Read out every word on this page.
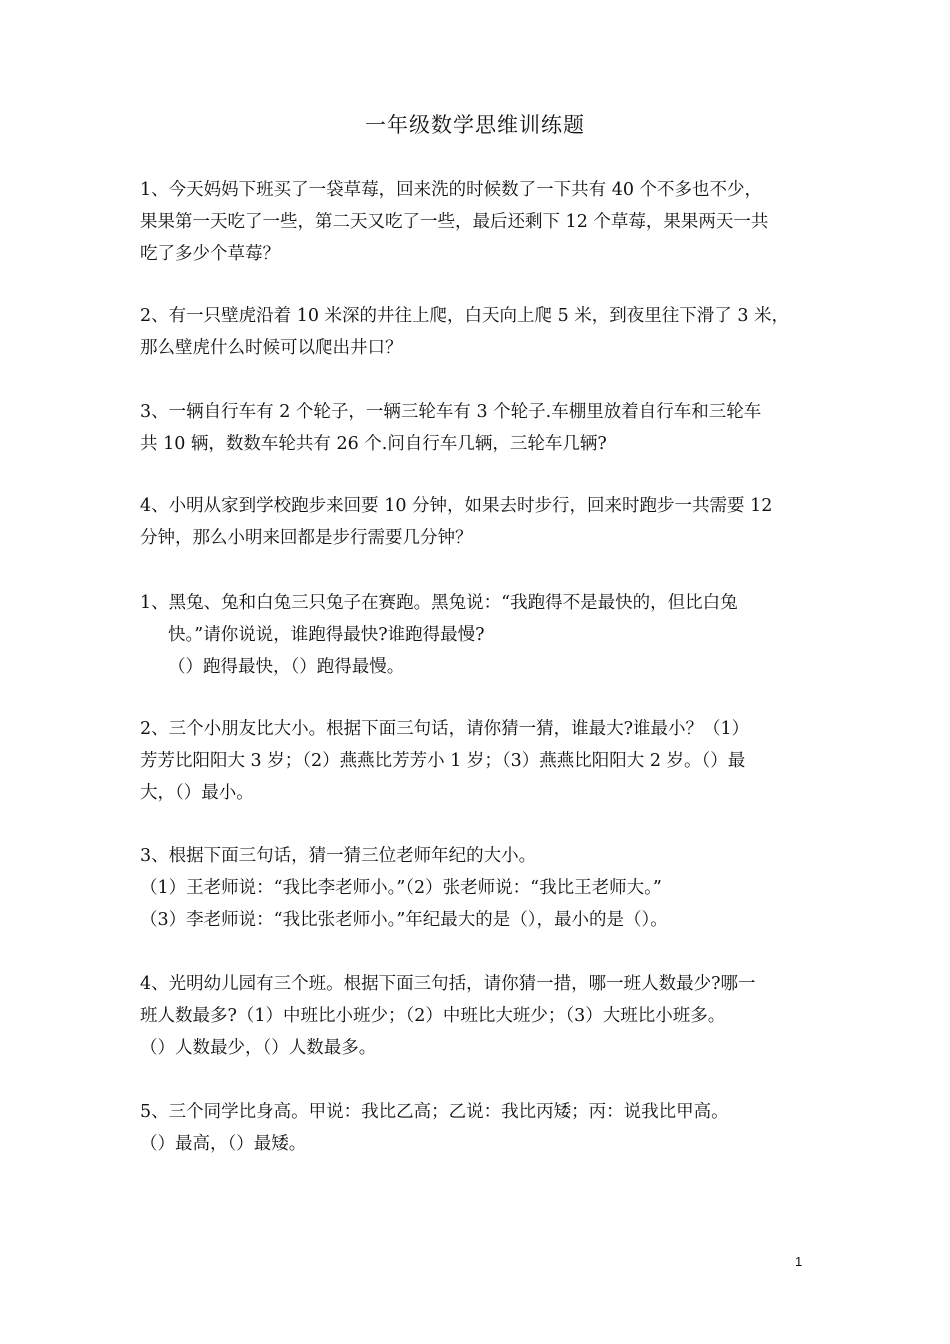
一年级数学思维训练题
1、今天妈妈下班买了一袋草莓，回来洗的时候数了一下共有 40 个不多也不少，
果果第一天吃了一些，第二天又吃了一些，最后还剩下 12 个草莓，果果两天一共
吃了多少个草莓？
2、有一只壁虎沿着 10 米深的井往上爬，白天向上爬 5 米，到夜里往下滑了 3 米，
那么壁虎什么时候可以爬出井口？
3、一辆自行车有 2 个轮子，一辆三轮车有 3 个轮子.车棚里放着自行车和三轮车
共 10 辆，数数车轮共有 26 个.问自行车几辆，三轮车几辆?
4、小明从家到学校跑步来回要 10 分钟，如果去时步行，回来时跑步一共需要 12
分钟，那么小明来回都是步行需要几分钟？
1、黑兔、兔和白兔三只兔子在赛跑。黑兔说：“我跑得不是最快的，但比白兔
快。”请你说说，谁跑得最快?谁跑得最慢?
（）跑得最快，（）跑得最慢。
2、三个小朋友比大小。根据下面三句话，请你猜一猜，谁最大?谁最小？（1）
芳芳比阳阳大 3 岁；（2）燕燕比芳芳小 1 岁；（3）燕燕比阳阳大 2 岁。（）最
大，（）最小。
3、根据下面三句话，猜一猜三位老师年纪的大小。
（1）王老师说：“我比李老师小。”（2）张老师说：“我比王老师大。”
（3）李老师说：“我比张老师小。”年纪最大的是（），最小的是（）。
4、光明幼儿园有三个班。根据下面三句括，请你猜一措，哪一班人数最少?哪一
班人数最多?（1）中班比小班少；（2）中班比大班少；（3）大班比小班多。
（）人数最少，（）人数最多。
5、三个同学比身高。甲说：我比乙高；乙说：我比丙矮；丙：说我比甲高。
（）最高，（）最矮。
1
